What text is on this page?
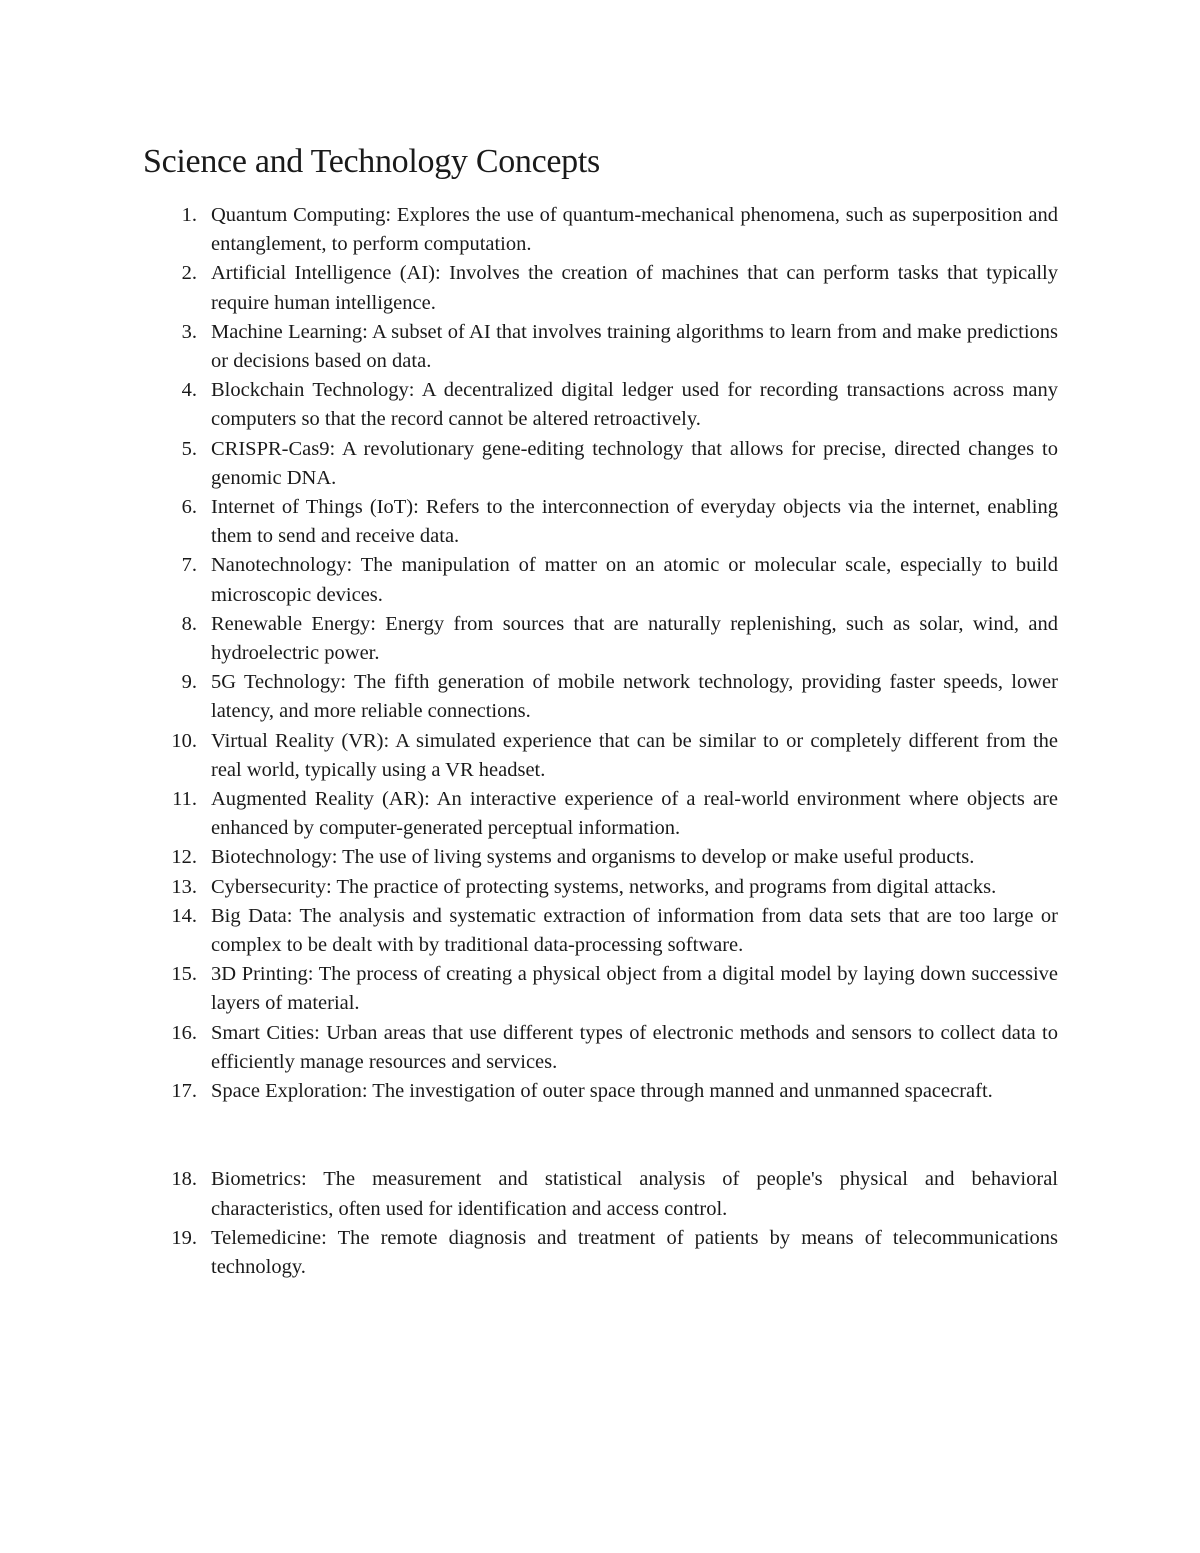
Science and Technology Concepts
1. Quantum Computing: Explores the use of quantum-mechanical phenomena, such as superposition and entanglement, to perform computation.
2. Artificial Intelligence (AI): Involves the creation of machines that can perform tasks that typically require human intelligence.
3. Machine Learning: A subset of AI that involves training algorithms to learn from and make predictions or decisions based on data.
4. Blockchain Technology: A decentralized digital ledger used for recording transactions across many computers so that the record cannot be altered retroactively.
5. CRISPR-Cas9: A revolutionary gene-editing technology that allows for precise, directed changes to genomic DNA.
6. Internet of Things (IoT): Refers to the interconnection of everyday objects via the internet, enabling them to send and receive data.
7. Nanotechnology: The manipulation of matter on an atomic or molecular scale, especially to build microscopic devices.
8. Renewable Energy: Energy from sources that are naturally replenishing, such as solar, wind, and hydroelectric power.
9. 5G Technology: The fifth generation of mobile network technology, providing faster speeds, lower latency, and more reliable connections.
10. Virtual Reality (VR): A simulated experience that can be similar to or completely different from the real world, typically using a VR headset.
11. Augmented Reality (AR): An interactive experience of a real-world environment where objects are enhanced by computer-generated perceptual information.
12. Biotechnology: The use of living systems and organisms to develop or make useful products.
13. Cybersecurity: The practice of protecting systems, networks, and programs from digital attacks.
14. Big Data: The analysis and systematic extraction of information from data sets that are too large or complex to be dealt with by traditional data-processing software.
15. 3D Printing: The process of creating a physical object from a digital model by laying down successive layers of material.
16. Smart Cities: Urban areas that use different types of electronic methods and sensors to collect data to efficiently manage resources and services.
17. Space Exploration: The investigation of outer space through manned and unmanned spacecraft.
18. Biometrics: The measurement and statistical analysis of people's physical and behavioral characteristics, often used for identification and access control.
19. Telemedicine: The remote diagnosis and treatment of patients by means of telecommunications technology.
